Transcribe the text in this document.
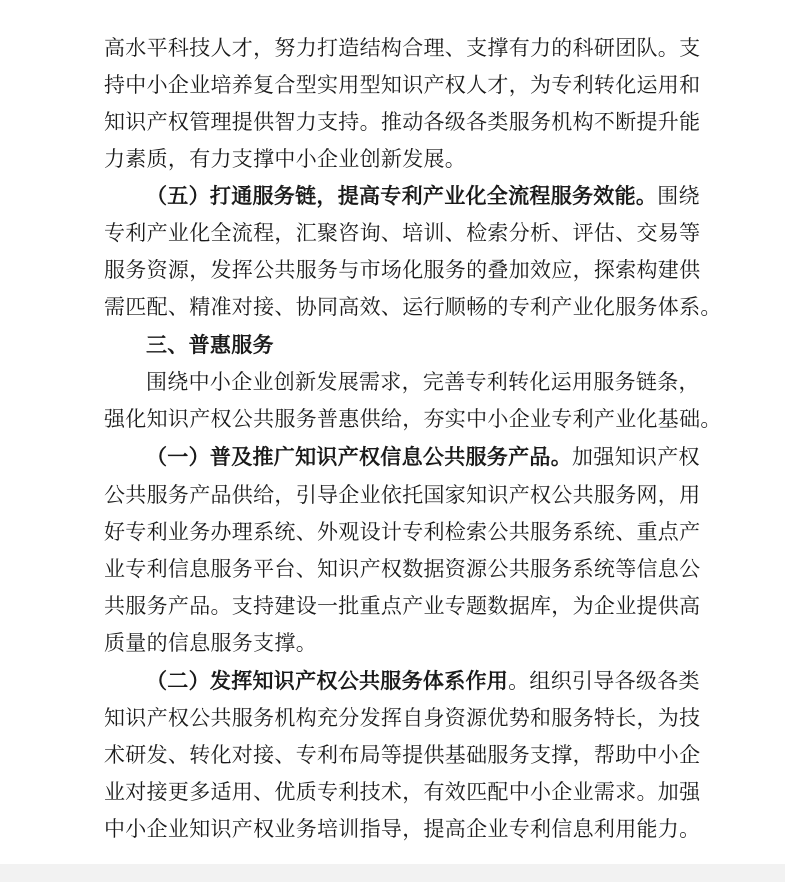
高水平科技人才，努力打造结构合理、支撑有力的科研团队。支
持中小企业培养复合型实用型知识产权人才，为专利转化运用和
知识产权管理提供智力支持。推动各级各类服务机构不断提升能
力素质，有力支撑中小企业创新发展。
（五）打通服务链，提高专利产业化全流程服务效能。围绕
专利产业化全流程，汇聚咨询、培训、检索分析、评估、交易等
服务资源，发挥公共服务与市场化服务的叠加效应，探索构建供
需匹配、精准对接、协同高效、运行顺畅的专利产业化服务体系。
三、普惠服务
围绕中小企业创新发展需求，完善专利转化运用服务链条，
强化知识产权公共服务普惠供给，夯实中小企业专利产业化基础。
（一）普及推广知识产权信息公共服务产品。加强知识产权
公共服务产品供给，引导企业依托国家知识产权公共服务网，用
好专利业务办理系统、外观设计专利检索公共服务系统、重点产
业专利信息服务平台、知识产权数据资源公共服务系统等信息公
共服务产品。支持建设一批重点产业专题数据库，为企业提供高
质量的信息服务支撑。
（二）发挥知识产权公共服务体系作用。组织引导各级各类
知识产权公共服务机构充分发挥自身资源优势和服务特长，为技
术研发、转化对接、专利布局等提供基础服务支撑，帮助中小企
业对接更多适用、优质专利技术，有效匹配中小企业需求。加强
中小企业知识产权业务培训指导，提高企业专利信息利用能力。
